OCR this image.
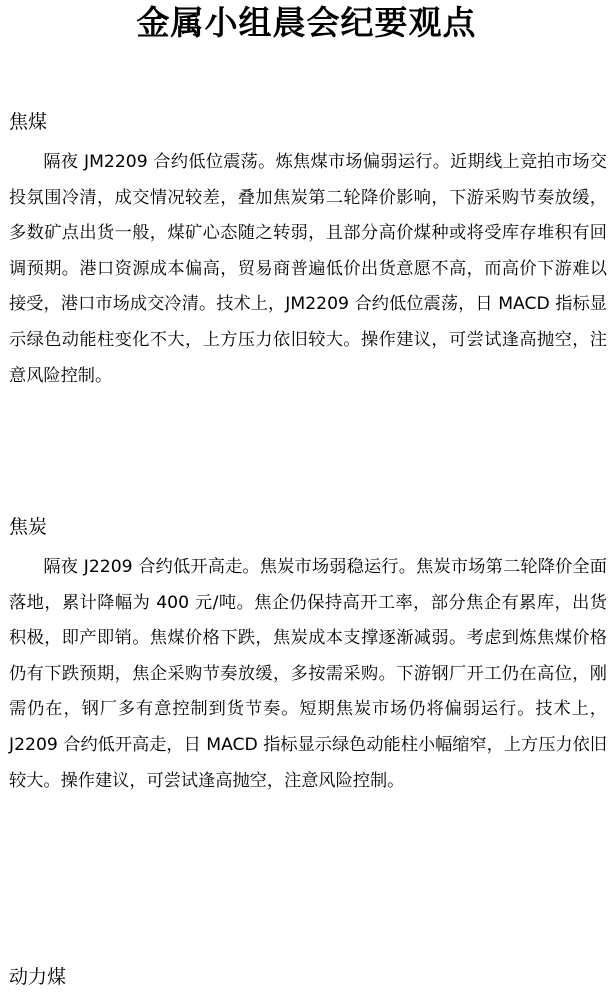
金属小组晨会纪要观点

焦煤

隔夜 JM2209 合约低位震荡。炼焦煤市场偏弱运行。近期线上竞拍市场交投氛围冷清，成交情况较差，叠加焦炭第二轮降价影响，下游采购节奏放缓，多数矿点出货一般，煤矿心态随之转弱，且部分高价煤种或将受库存堆积有回调预期。港口资源成本偏高，贸易商普遍低价出货意愿不高，而高价下游难以接受，港口市场成交冷清。技术上，JM2209 合约低位震荡，日 MACD 指标显示绿色动能柱变化不大，上方压力依旧较大。操作建议，可尝试逢高抛空，注意风险控制。

焦炭

隔夜 J2209 合约低开高走。焦炭市场弱稳运行。焦炭市场第二轮降价全面落地，累计降幅为 400 元/吨。焦企仍保持高开工率，部分焦企有累库，出货积极，即产即销。焦煤价格下跌，焦炭成本支撑逐渐减弱。考虑到炼焦煤价格仍有下跌预期，焦企采购节奏放缓，多按需采购。下游钢厂开工仍在高位，刚需仍在，钢厂多有意控制到货节奏。短期焦炭市场仍将偏弱运行。技术上，J2209 合约低开高走，日 MACD 指标显示绿色动能柱小幅缩窄，上方压力依旧较大。操作建议，可尝试逢高抛空，注意风险控制。

动力煤
